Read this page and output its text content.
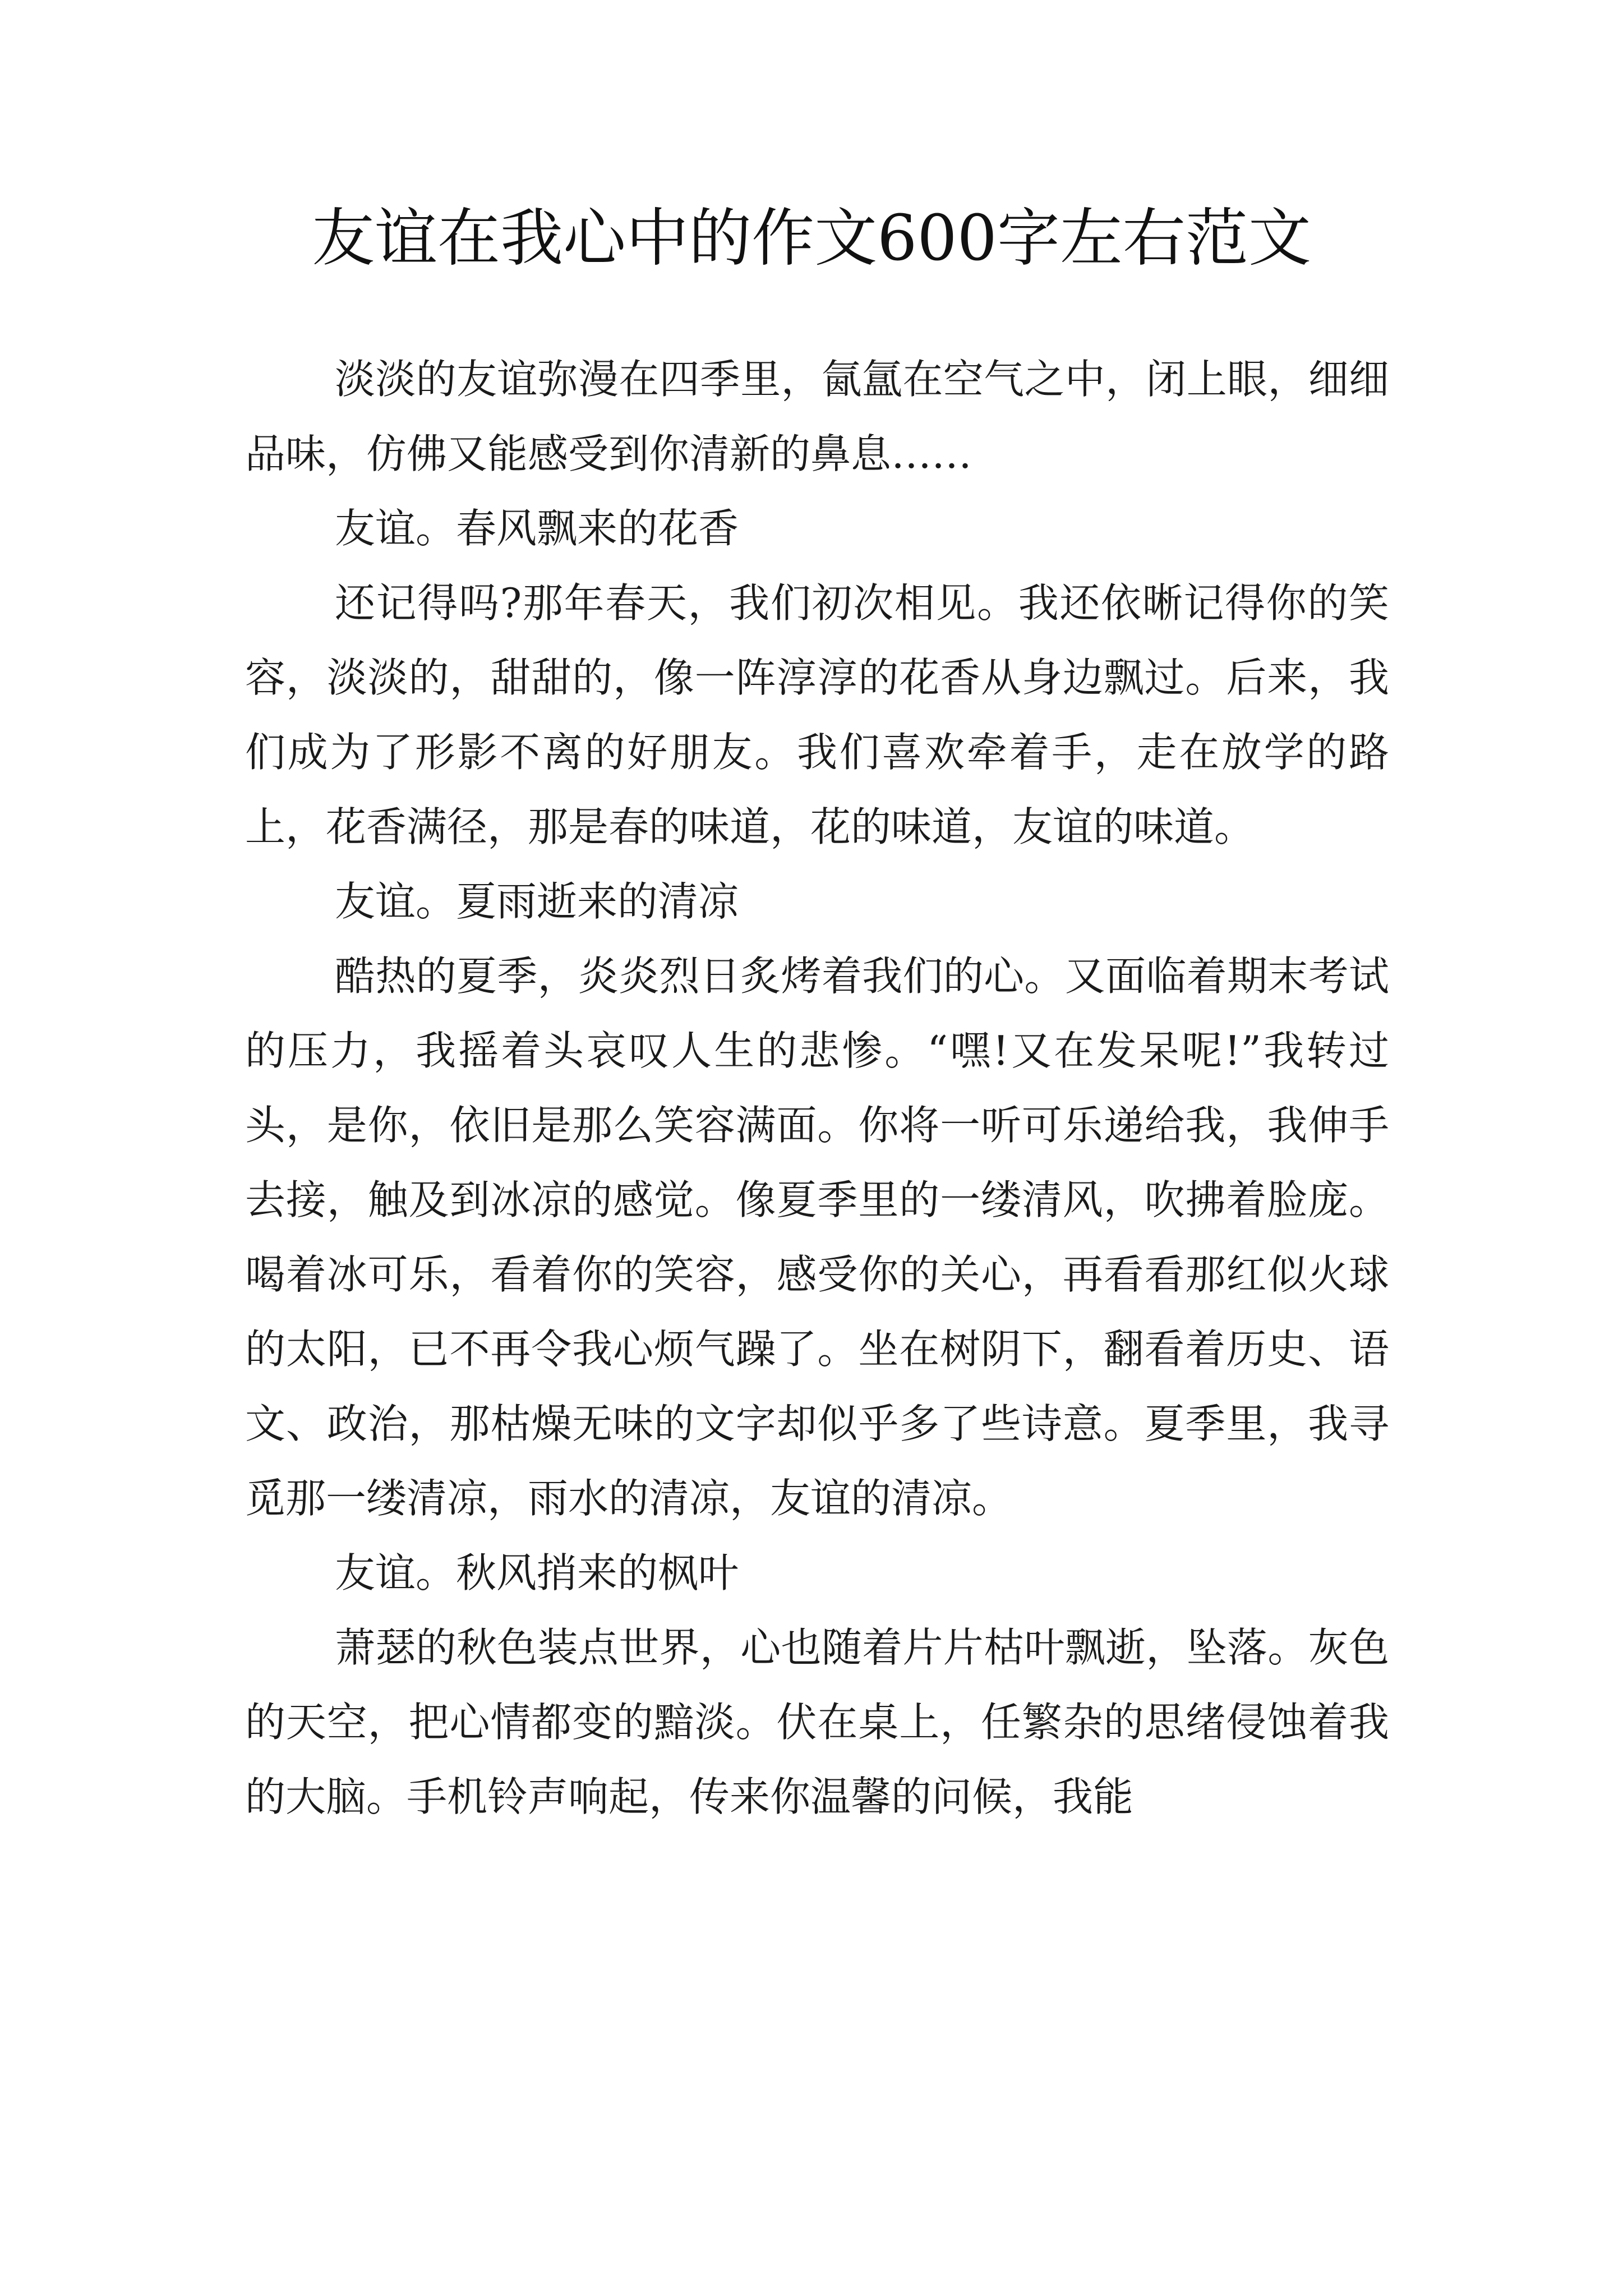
友谊在我心中的作文600字左右范文

淡淡的友谊弥漫在四季里，氤氲在空气之中，闭上眼，细细品味，仿佛又能感受到你清新的鼻息……

友谊。春风飘来的花香

还记得吗?那年春天，我们初次相见。我还依晰记得你的笑容，淡淡的，甜甜的，像一阵淳淳的花香从身边飘过。后来，我们成为了形影不离的好朋友。我们喜欢牵着手，走在放学的路上，花香满径，那是春的味道，花的味道，友谊的味道。

友谊。夏雨逝来的清凉

酷热的夏季，炎炎烈日炙烤着我们的心。又面临着期末考试的压力，我摇着头哀叹人生的悲惨。“嘿!又在发呆呢!”我转过头，是你，依旧是那么笑容满面。你将一听可乐递给我，我伸手去接，触及到冰凉的感觉。像夏季里的一缕清风，吹拂着脸庞。喝着冰可乐，看着你的笑容，感受你的关心，再看看那红似火球的太阳，已不再令我心烦气躁了。坐在树阴下，翻看着历史、语文、政治，那枯燥无味的文字却似乎多了些诗意。夏季里，我寻觅那一缕清凉，雨水的清凉，友谊的清凉。

友谊。秋风捎来的枫叶

萧瑟的秋色装点世界，心也随着片片枯叶飘逝，坠落。灰色的天空，把心情都变的黯淡。伏在桌上，任繁杂的思绪侵蚀着我的大脑。手机铃声响起，传来你温馨的问候，我能
